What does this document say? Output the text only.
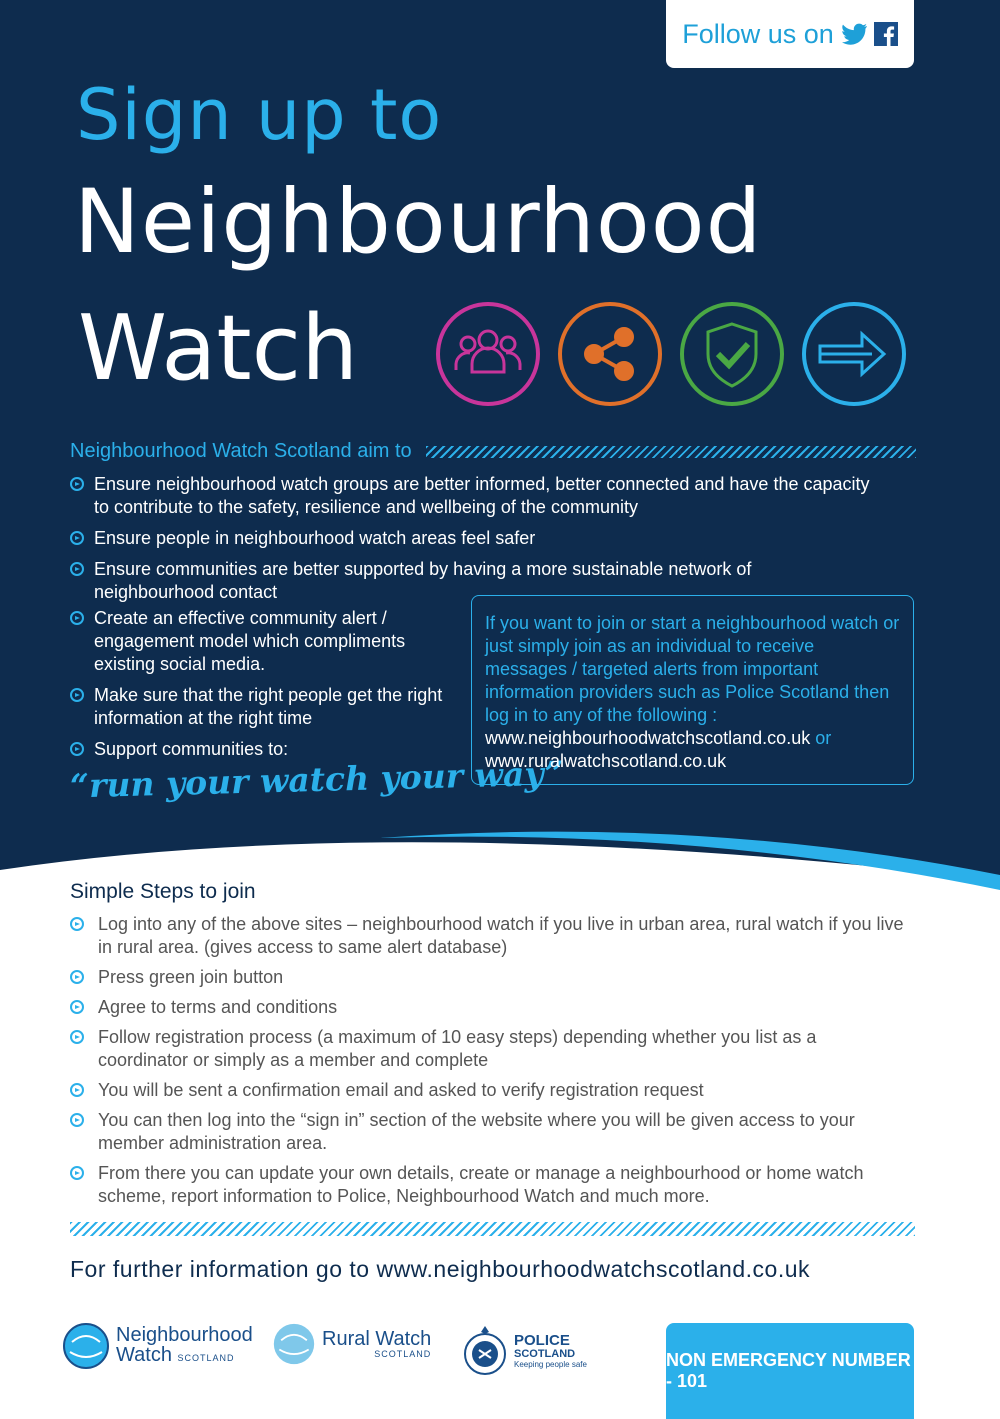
Follow us on
Sign up to
Neighbourhood
Watch
Neighbourhood Watch Scotland aim to
Ensure neighbourhood watch groups are better informed, better connected and have the capacity to contribute to the safety, resilience and wellbeing of the community
Ensure people in neighbourhood watch areas feel safer
Ensure communities are better supported by having a more sustainable network of neighbourhood contact
Create an effective community alert / engagement model which compliments existing social media.
Make sure that the right people get the right information at the right time
Support communities to:
“run your watch your way”
If you want to join or start a neighbourhood watch or just simply join as an individual to receive messages / targeted alerts from important information providers such as Police Scotland then log in to any of the following :
www.neighbourhoodwatchscotland.co.uk or
www.ruralwatchscotland.co.uk
Simple Steps to join
Log into any of the above sites – neighbourhood watch if you live in urban area, rural watch if you live in rural area. (gives access to same alert database)
Press green join button
Agree to terms and conditions
Follow registration process (a maximum of 10 easy steps) depending whether you list as a coordinator or simply as a member and complete
You will be sent a confirmation email and asked to verify registration request
You can then log into the “sign in” section of the website where you will be given access to your member administration area.
From there you can update your own details, create or manage a neighbourhood or home watch scheme, report information to Police, Neighbourhood Watch and much more.
For further information go to www.neighbourhoodwatchscotland.co.uk
Neighbourhood
Watch SCOTLAND
Rural Watch
SCOTLAND
POLICE
SCOTLAND
Keeping people safe	NON EMERGENCY NUMBER - 101
